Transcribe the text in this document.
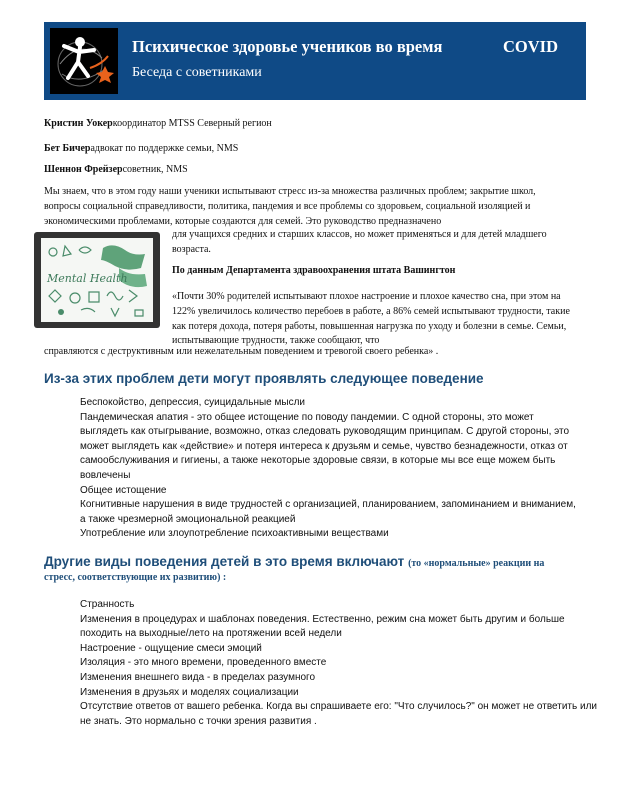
Психическое здоровье учеников во время	COVID
Беседа с советниками
Кристин Уокеркоординатор MTSS Северный регион
Бет Бичерадвокат по поддержке семьи, NMS
Шеннон Фрейзерсоветник, NMS
Мы знаем, что в этом году наши ученики испытывают стресс из-за множества различных проблем; закрытие школ, вопросы социальной справедливости, политика, пандемия и все проблемы со здоровьем, социальной изоляцией и экономическими проблемами, которые создаются для семей. Это руководство предназначено
Mental Health
для учащихся средних и старших классов, но может применяться и для детей младшего возраста.
По данным Департамента здравоохранения штата Вашингтон
«Почти 30% родителей испытывают плохое настроение и плохое качество сна, при этом на 122% увеличилось количество перебоев в работе, а 86% семей испытывают трудности, такие как потеря дохода, потеря работы, повышенная нагрузка по уходу и болезни в семье. Семьи, испытывающие трудности, также сообщают, что
справляются с деструктивным или нежелательным поведением и тревогой своего ребенка» .
Из-за этих проблем дети могут проявлять следующее поведение
Беспокойство, депрессия, суицидальные мысли
Пандемическая апатия - это общее истощение по поводу пандемии. С одной стороны, это может выглядеть как отыгрывание, возможно, отказ следовать руководящим принципам. С другой стороны, это может выглядеть как «действие» и потеря интереса к друзьям и семье, чувство безнадежности, отказ от самообслуживания и гигиены, а также некоторые здоровые связи, в которые мы все еще можем быть вовлечены
Общее истощение
Когнитивные нарушения в виде трудностей с организацией, планированием, запоминанием и вниманием, а также чрезмерной эмоциональной реакцией
Употребление или злоупотребление психоактивными веществами
Другие виды поведения детей в это время включают (то «нормальные» реакции на
стресс, соответствующие их развитию) :
Странность
Изменения в процедурах и шаблонах поведения. Естественно, режим сна может быть другим и больше походить на выходные/лето на протяжении всей недели
Настроение - ощущение смеси эмоций
Изоляция - это много времени, проведенного вместе
Изменения внешнего вида - в пределах разумного
Изменения в друзьях и моделях социализации
Отсутствие ответов от вашего ребенка. Когда вы спрашиваете его: "Что случилось?" он может не ответить или не знать. Это нормально с точки зрения развития .
